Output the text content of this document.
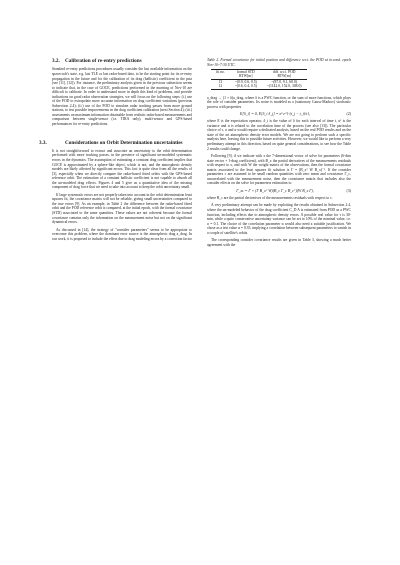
3.2. Calibration of re-entry predictions

Standard re-entry predictions procedures usually consider the last available information on the spacecraft's state, e.g. last TLE or last radar-based data, to be the starting point for its re-entry propagation in the future and for the calibration of its drag (ballistic) coefficient in the past (see [11], [12]). For instance, the preliminary analysis given in the previous subsection seems to indicate that, in the case of GOCE, predictions performed in the morning of Nov-10 are difficult to calibrate. In order to understand more in depth this kind of problems, and provide indications on good radar observation strategies, we will focus on the following steps: (i.) use of the POD to extrapolate more accurate information on drag coefficient variations (previous Subsection 2.4); (ii.) use of the POD to simulate radar tracking passes from more ground stations, to test possible improvements in the drag coefficient calibration (next Section 4); (iii.) assessments on maximum information obtainable from realistic radar-based measurements and comparison between single-sensor (i.e. TIRA only), multi-sensor and GPS-based performances for re-entry predictions.

3.3.	Considerations on Orbit Determination uncertainties

It is not straightforward to extract and associate an uncertainty to the orbit determination performed with more tracking passes, in the presence of significant un-modeled systematic errors in the dynamics. The assumption of estimating a constant drag coefficient implies that GOCE is approximated by a sphere-like object, which is not, and the atmospheric density models are likely affected by significant errors. This fact is quite clear from all the results of [3], especially when we directly compare the radar-based fitted orbits with the GPS-based reference orbit. The estimation of a constant ballistic coefficient is not capable to absorb all the un-modeled drag effects. Figures 4 and 5 give us a quantitative idea of the missing component of drag force that we need to take into account to keep the orbit uncertainty small.

If large systematic errors are not properly taken into account in the orbit determination least squares fit, the covariance matrix will not be reliable, giving small uncertainties compared to the true errors [9]. As an example, in Table 2 the difference between the radar-based fitted orbit and the POD reference orbit is compared, at the initial epoch, with the formal covariance (STD) associated to the same quantities. These values are not coherent because the formal covariance contains only the information on the measurement noise but not on the significant dynamical errors.

As discussed in [14], the strategy of "consider parameters" seems to be appropriate to overcome this problem, where the dominant error source is the atmospheric drag a_drag. In our work, it is proposed to include the effect due to drag modeling errors by a correction factor

Table 2. Formal covariance for initial position and difference w.r.t. the POD at in.cond. epoch Nov-10~7:30 UTC.
fit no.	formal STD	diff. w.r.t. POD
	RTW[m]	RTW[m]
13	~(0.9, 0.6, 0.5)	~(87.0, 9.1, 60.0)
12	~(0.6, 0.4, 0.5)	~(1142.0, 152.0, 308.0)

a_drag → (1 + δ)a_drag, where δ is a PWC function, or the sum of more functions, which plays the role of consider parameters. Its noise is modeled as a (stationary Gauss-Markov) stochastic process with properties

E[δ_i] = 0, E[δ_i δ_j] = σ² e^{-(t_j − t_i)/τ},	(2)

where E is the expectation operator, δ_i is the value of δ for each interval of time t, σ² is the variance and α is related to the correlation time of the process (see also [13]). The particular choice of τ, σ and α would require a dedicated analysis, based on the real POD results and on the state of the art atmospheric density error models. We are not going to perform such a specific analysis here, leaving this to possible future activities. However, we would like to perform a very preliminary attempt in this direction, based on quite general considerations, to see how the Table 2 results could change.

Following [9], if we indicate with x the 7-dimensional vector of solve for parameters (6-dim state vector + 1-drag coefficient), with B_x the partial derivatives of the measurements residuals with respect to x, and with W the weight matrix of the observations, then the formal covariance matrix associated to the least squares fit solution is Γ = (B_xᵀ W B_x)⁻¹. If the consider parameters c are assumed to be small random quantities with zero mean and covariance Γ_c, uncorrelated with the measurement noise, then the covariance matrix that includes also the consider effects on the solve for parameters estimation is:

Γ_xc = Γ + (Γ B_xᵀ W)(B_c Γ_c B_cᵀ)(W B_x Γ),	(3)

where B_c are the partial derivatives of the measurements residuals with respect to c.

A very preliminary attempt can be made by exploiting the results obtained in Subsection 2.4, where the un-modeled behavior of the drag coefficient C_D A is estimated from POD as a PWC function, including effects due to atmospheric density errors. A possible real value for τ is 30-min, while a quite conservative uncertainty variance can be set to 10% of the nominal value, i.e. σ = 0.1. The choice of the correlation parameter α would also need a suitable justification. We chose as a test value α = 0.35, implying a correlation between subsequent parameters to vanish in a couple of satellite's orbits.

The corresponding consider covariance results are given in Table 3, showing a much better agreement with the
